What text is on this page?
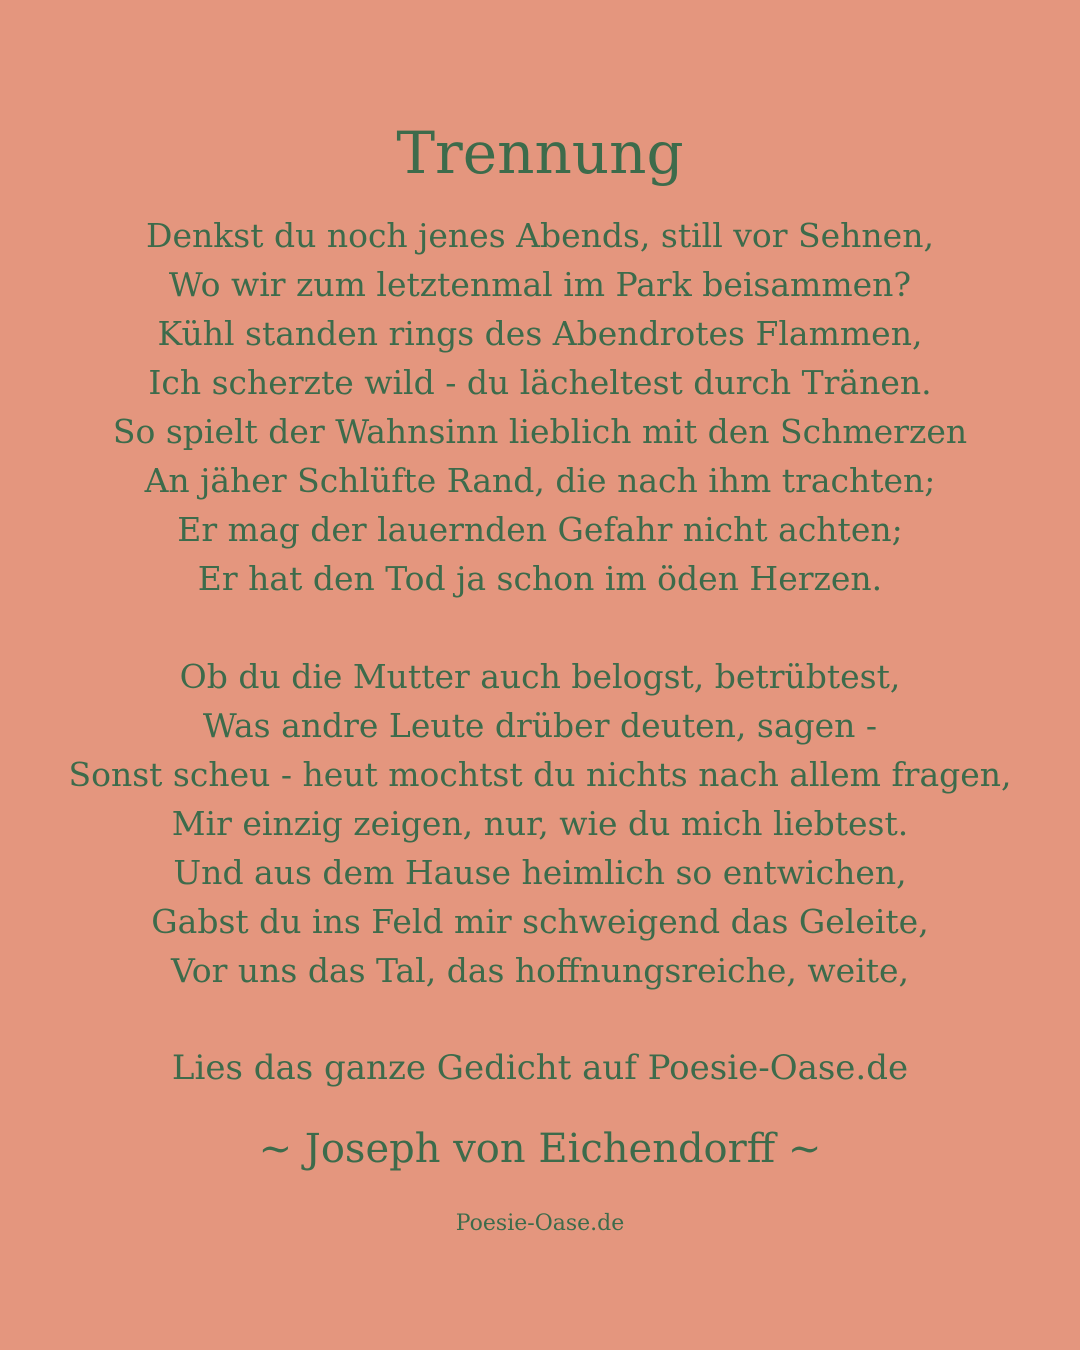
Trennung
Denkst du noch jenes Abends, still vor Sehnen,
Wo wir zum letztenmal im Park beisammen?
Kühl standen rings des Abendrotes Flammen,
Ich scherzte wild - du lächeltest durch Tränen.
So spielt der Wahnsinn lieblich mit den Schmerzen
An jäher Schlüfte Rand, die nach ihm trachten;
Er mag der lauernden Gefahr nicht achten;
Er hat den Tod ja schon im öden Herzen.
Ob du die Mutter auch belogst, betrübtest,
Was andre Leute drüber deuten, sagen -
Sonst scheu - heut mochtst du nichts nach allem fragen,
Mir einzig zeigen, nur, wie du mich liebtest.
Und aus dem Hause heimlich so entwichen,
Gabst du ins Feld mir schweigend das Geleite,
Vor uns das Tal, das hoffnungsreiche, weite,
Lies das ganze Gedicht auf Poesie-Oase.de
~ Joseph von Eichendorff ~
Poesie-Oase.de
